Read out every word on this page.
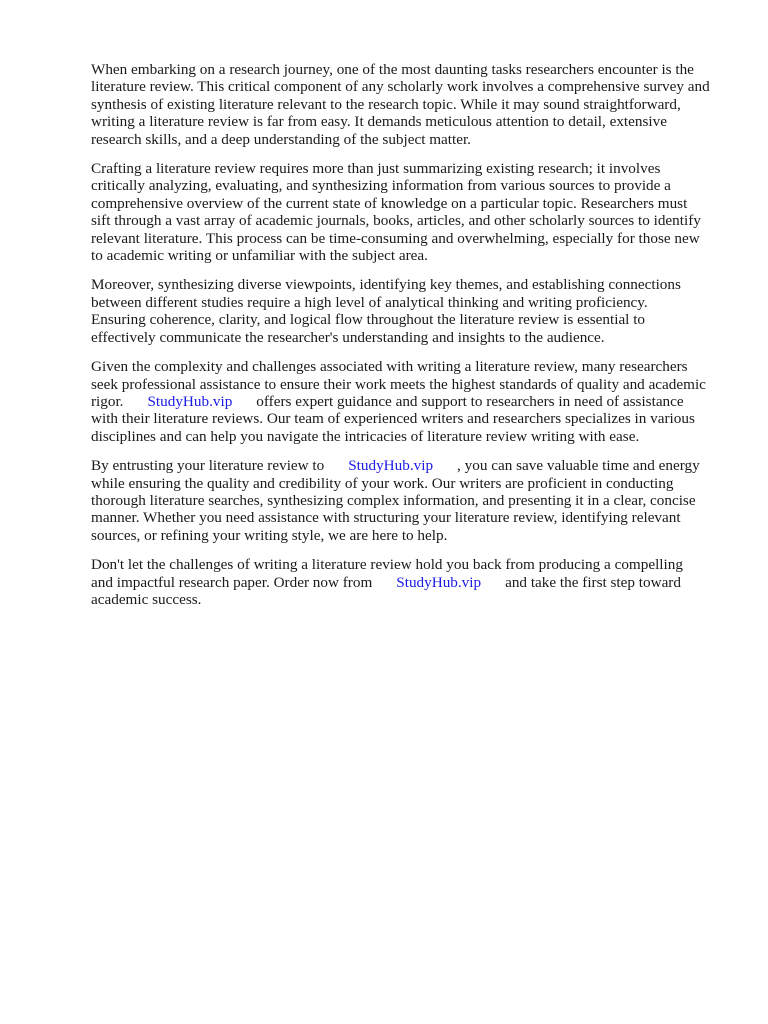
When embarking on a research journey, one of the most daunting tasks researchers encounter is the
literature review. This critical component of any scholarly work involves a comprehensive survey and
synthesis of existing literature relevant to the research topic. While it may sound straightforward,
writing a literature review is far from easy. It demands meticulous attention to detail, extensive
research skills, and a deep understanding of the subject matter.

Crafting a literature review requires more than just summarizing existing research; it involves
critically analyzing, evaluating, and synthesizing information from various sources to provide a
comprehensive overview of the current state of knowledge on a particular topic. Researchers must
sift through a vast array of academic journals, books, articles, and other scholarly sources to identify
relevant literature. This process can be time-consuming and overwhelming, especially for those new
to academic writing or unfamiliar with the subject area.

Moreover, synthesizing diverse viewpoints, identifying key themes, and establishing connections
between different studies require a high level of analytical thinking and writing proficiency.
Ensuring coherence, clarity, and logical flow throughout the literature review is essential to
effectively communicate the researcher's understanding and insights to the audience.

Given the complexity and challenges associated with writing a literature review, many researchers
seek professional assistance to ensure their work meets the highest standards of quality and academic
rigor. StudyHub.vip offers expert guidance and support to researchers in need of assistance
with their literature reviews. Our team of experienced writers and researchers specializes in various
disciplines and can help you navigate the intricacies of literature review writing with ease.

By entrusting your literature review to StudyHub.vip , you can save valuable time and energy
while ensuring the quality and credibility of your work. Our writers are proficient in conducting
thorough literature searches, synthesizing complex information, and presenting it in a clear, concise
manner. Whether you need assistance with structuring your literature review, identifying relevant
sources, or refining your writing style, we are here to help.

Don't let the challenges of writing a literature review hold you back from producing a compelling
and impactful research paper. Order now from StudyHub.vip and take the first step toward
academic success.
